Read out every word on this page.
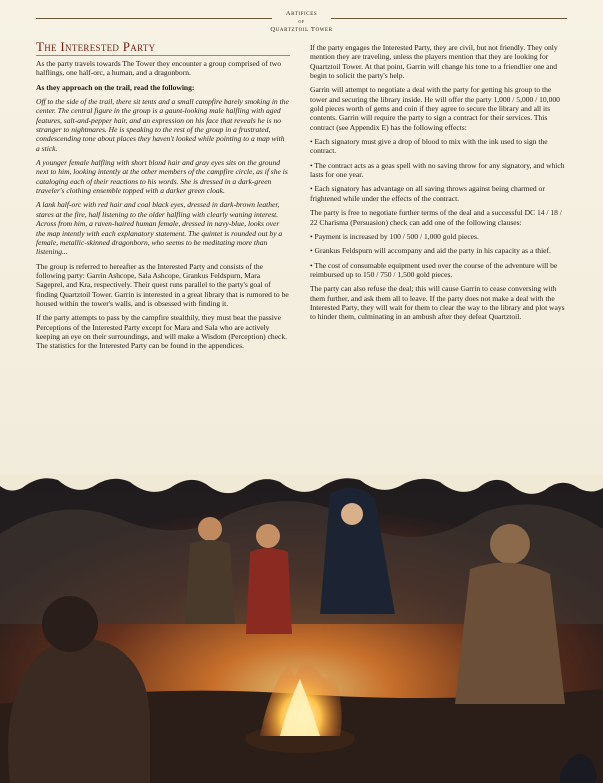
Artifices
of
Quartztoil Tower
The Interested Party

As the party travels towards The Tower they encounter a group comprised of two halflings, one half-orc, a human, and a dragonborn.

As they approach on the trail, read the following:

Off to the side of the trail, there sit tents and a small campfire barely smoking in the center. The central figure in the group is a gaunt-looking male halfling with aged features, salt-and-pepper hair, and an expression on his face that reveals he is no stranger to nightmares. He is speaking to the rest of the group in a frustrated, condescending tone about places they haven't looked while pointing to a map with a stick.

A younger female halfling with short blond hair and gray eyes sits on the ground next to him, looking intently at the other members of the campfire circle, as if she is cataloging each of their reactions to his words. She is dressed in a dark-green traveler's clothing ensemble topped with a darker green cloak.

A lank half-orc with red hair and coal black eyes, dressed in dark-brown leather, stares at the fire, half listening to the older halfling with clearly waning interest. Across from him, a raven-haired human female, dressed in navy-blue, looks over the map intently with each explanatory statement. The quintet is rounded out by a female, metallic-skinned dragonborn, who seems to be meditating more than listening...

The group is referred to hereafter as the Interested Party and consists of the following party: Garrin Ashcope, Sala Ashcope, Grankus Feldspurn, Mara Sageprel, and Kra, respectively. Their quest runs parallel to the party's goal of finding Quartztoil Tower. Garrin is interested in a great library that is rumored to be housed within the tower's walls, and is obsessed with finding it.

If the party attempts to pass by the campfire stealthily, they must beat the passive Perceptions of the Interested Party except for Mara and Sala who are actively keeping an eye on their surroundings, and will make a Wisdom (Perception) check. The statistics for the Interested Party can be found in the appendices.

If the party engages the Interested Party, they are civil, but not friendly. They only mention they are traveling, unless the players mention that they are looking for Quartztoil Tower. At that point, Garrin will change his tone to a friendlier one and begin to solicit the party's help.

Garrin will attempt to negotiate a deal with the party for getting his group to the tower and securing the library inside. He will offer the party 1,000 / 5,000 / 10,000 gold pieces worth of gems and coin if they agree to secure the library and all its contents. Garrin will require the party to sign a contract for their services. This contract (see Appendix E) has the following effects:

• Each signatory must give a drop of blood to mix with the ink used to sign the contract.

• The contract acts as a geas spell with no saving throw for any signatory, and which lasts for one year.

• Each signatory has advantage on all saving throws against being charmed or frightened while under the effects of the contract.

The party is free to negotiate further terms of the deal and a successful DC 14 / 18 / 22 Charisma (Persuasion) check can add one of the following clauses:

• Payment is increased by 100 / 500 / 1,000 gold pieces.

• Grankus Feldspurn will accompany and aid the party in his capacity as a thief.

• The cost of consumable equipment used over the course of the adventure will be reimbursed up to 150 / 750 / 1,500 gold pieces.

The party can also refuse the deal; this will cause Garrin to cease conversing with them further, and ask them all to leave. If the party does not make a deal with the Interested Party, they will wait for them to clear the way to the library and plot ways to hinder them, culminating in an ambush after they defeat Quartztoil.
